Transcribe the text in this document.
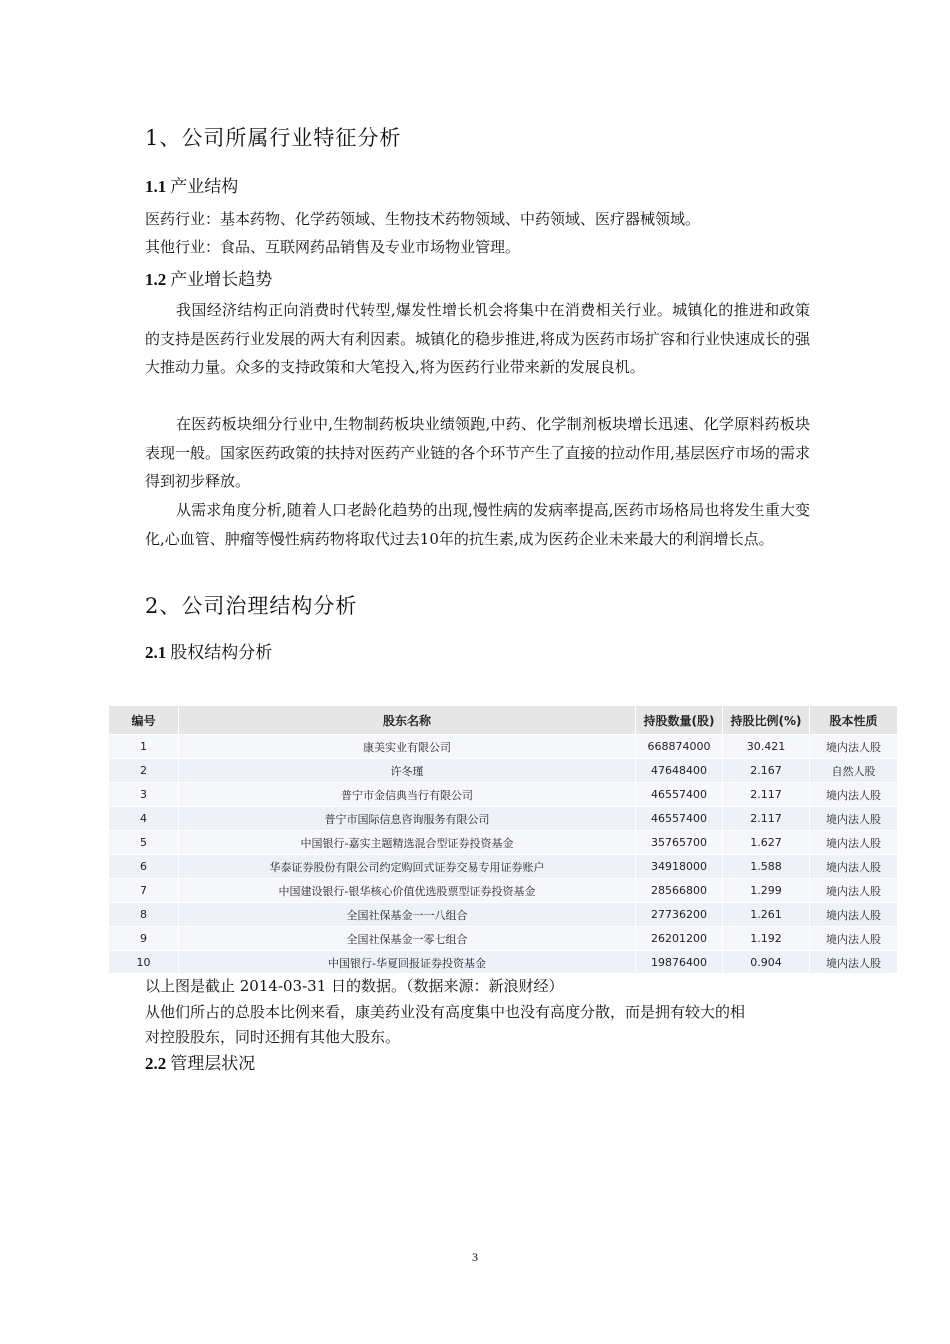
1、公司所属行业特征分析
1.1 产业结构

医药行业：基本药物、化学药领域、生物技术药物领域、中药领域、医疗器械领域。

其他行业：食品、互联网药品销售及专业市场物业管理。

1.2 产业增长趋势

我国经济结构正向消费时代转型,爆发性增长机会将集中在消费相关行业。城镇化的推进和政策的支持是医药行业发展的两大有利因素。城镇化的稳步推进,将成为医药市场扩容和行业快速成长的强大推动力量。众多的支持政策和大笔投入,将为医药行业带来新的发展良机。

在医药板块细分行业中,生物制药板块业绩领跑,中药、化学制剂板块增长迅速、化学原料药板块表现一般。国家医药政策的扶持对医药产业链的各个环节产生了直接的拉动作用,基层医疗市场的需求得到初步释放。

从需求角度分析,随着人口老龄化趋势的出现,慢性病的发病率提高,医药市场格局也将发生重大变化,心血管、肿瘤等慢性病药物将取代过去10年的抗生素,成为医药企业未来最大的利润增长点。

2、公司治理结构分析
2.1 股权结构分析
编号	股东名称	持股数量(股)	持股比例(%)	股本性质
1	康美实业有限公司	668874000	30.421	境内法人股
2	许冬瑾	47648400	2.167	自然人股
3	普宁市金信典当行有限公司	46557400	2.117	境内法人股
4	普宁市国际信息咨询服务有限公司	46557400	2.117	境内法人股
5	中国银行-嘉实主题精选混合型证券投资基金	35765700	1.627	境内法人股
6	华泰证券股份有限公司约定购回式证券交易专用证券账户	34918000	1.588	境内法人股
7	中国建设银行-银华核心价值优选股票型证券投资基金	28566800	1.299	境内法人股
8	全国社保基金一一八组合	27736200	1.261	境内法人股
9	全国社保基金一零七组合	26201200	1.192	境内法人股
10	中国银行-华夏回报证券投资基金	19876400	0.904	境内法人股

以上图是截止 2014-03-31 日的数据。（数据来源：新浪财经）

从他们所占的总股本比例来看，康美药业没有高度集中也没有高度分散，而是拥有较大的相

对控股股东，同时还拥有其他大股东。

2.2 管理层状况
3
